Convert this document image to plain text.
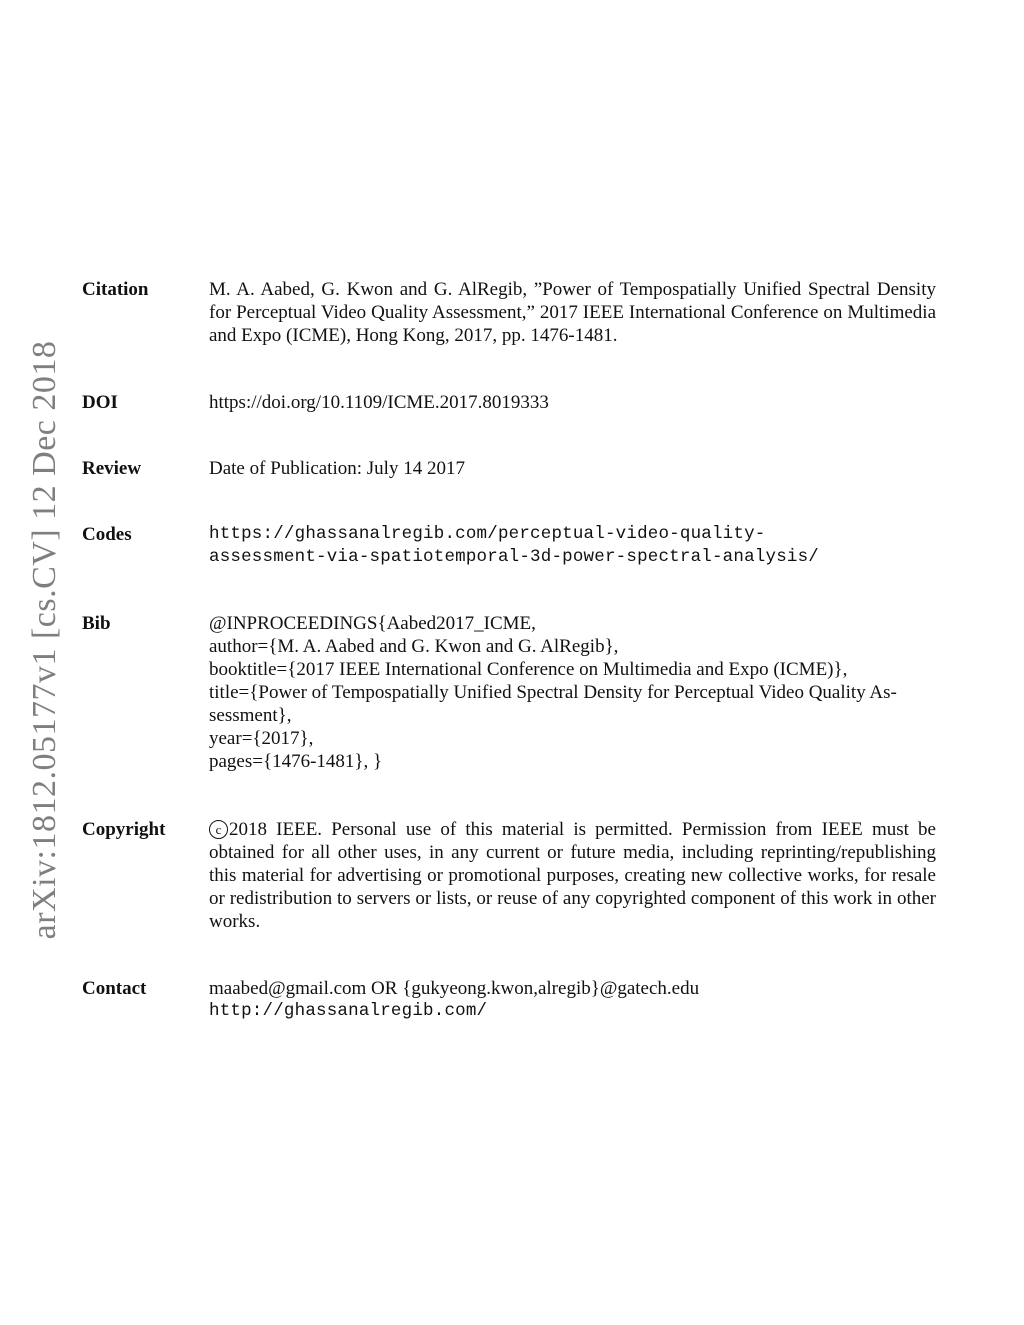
arXiv:1812.05177v1 [cs.CV] 12 Dec 2018
Citation	M. A. Aabed, G. Kwon and G. AlRegib, ”Power of Tempospatially Unified Spectral Density for Perceptual Video Quality Assessment,” 2017 IEEE International Conference on Multimedia and Expo (ICME), Hong Kong, 2017, pp. 1476-1481.
DOI	https://doi.org/10.1109/ICME.2017.8019333
Review	Date of Publication: July 14 2017
Codes	https://ghassanalregib.com/perceptual-video-quality-
assessment-via-spatiotemporal-3d-power-spectral-analysis/
Bib	@INPROCEEDINGS{Aabed2017_ICME,
author={M. A. Aabed and G. Kwon and G. AlRegib},
booktitle={2017 IEEE International Conference on Multimedia and Expo (ICME)},
title={Power of Tempospatially Unified Spectral Density for Perceptual Video Quality As-
sessment},
year={2017},
pages={1476-1481}, }
Copyright	c 2018 IEEE. Personal use of this material is permitted. Permission from IEEE must be obtained for all other uses, in any current or future media, including reprinting/republishing this material for advertising or promotional purposes, creating new collective works, for resale or redistribution to servers or lists, or reuse of any copyrighted component of this work in other works.
Contact	maabed@gmail.com OR {gukyeong.kwon,alregib}@gatech.edu
http://ghassanalregib.com/
